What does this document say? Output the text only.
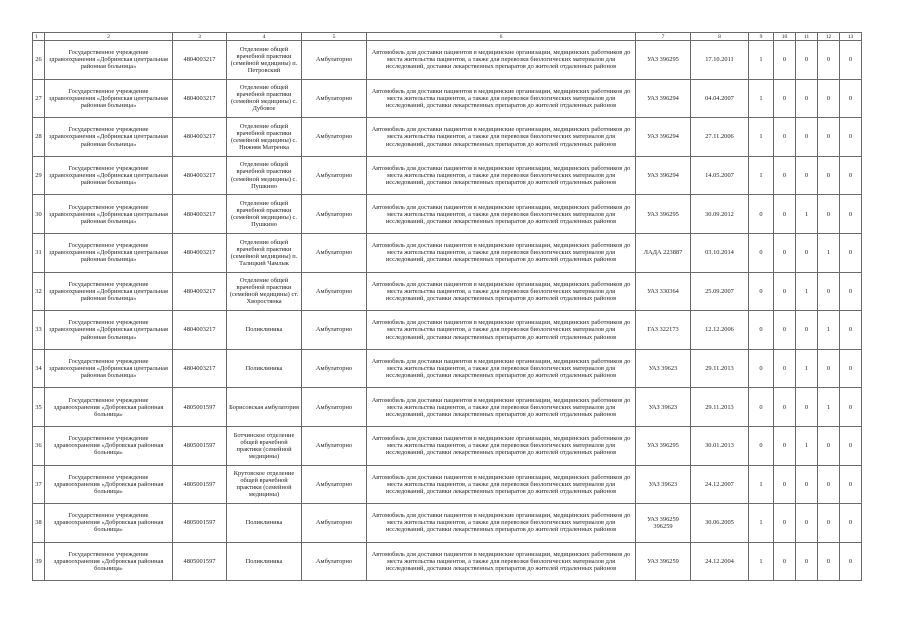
1	2	3	4	5	6	7	8	9	10	11	12	13
26	Государственное учреждение здравоохранения «Добринская центральная районная больница»	4804003217	Отделение общей врачебной практики (семейной медицины) п. Петровский	Амбулаторно	Автомобиль для доставки пациентов в медицинские организации, медицинских работников до места жительства пациентов, а также для перевозки биологических материалов для исследований, доставки лекарственных препаратов до жителей отдаленных районов	УАЗ 396295	17.10.2011	1	0	0	0	0
27	Государственное учреждение здравоохранения «Добринская центральная районная больница»	4804003217	Отделение общей врачебной практики (семейной медицины) с. Дубовое	Амбулаторно	Автомобиль для доставки пациентов в медицинские организации, медицинских работников до места жительства пациентов, а также для перевозки биологических материалов для исследований, доставки лекарственных препаратов до жителей отдаленных районов	УАЗ 396294	04.04.2007	1	0	0	0	0
28	Государственное учреждение здравоохранения «Добринская центральная районная больница»	4804003217	Отделение общей врачебной практики (семейной медицины) с. Нижняя Матренка	Амбулаторно	Автомобиль для доставки пациентов в медицинские организации, медицинских работников до места жительства пациентов, а также для перевозки биологических материалов для исследований, доставки лекарственных препаратов до жителей отдаленных районов	УАЗ 396294	27.11.2006	1	0	0	0	0
29	Государственное учреждение здравоохранения «Добринская центральная районная больница»	4804003217	Отделение общей врачебной практики (семейной медицины) с. Пушкино	Амбулаторно	Автомобиль для доставки пациентов в медицинские организации, медицинских работников до места жительства пациентов, а также для перевозки биологических материалов для исследований, доставки лекарственных препаратов до жителей отдаленных районов	УАЗ 396294	14.05.2007	1	0	0	0	0
30	Государственное учреждение здравоохранения «Добринская центральная районная больница»	4804003217	Отделение общей врачебной практики (семейной медицины) с. Пушкино	Амбулаторно	Автомобиль для доставки пациентов в медицинские организации, медицинских работников до места жительства пациентов, а также для перевозки биологических материалов для исследований, доставки лекарственных препаратов до жителей отдаленных районов	УАЗ 396295	30.09.2012	0	0	1	0	0
31	Государственное учреждение здравоохранения «Добринская центральная районная больница»	4804003217	Отделение общей врачебной практики (семейной медицины) п. Талицкий Чамлык	Амбулаторно	Автомобиль для доставки пациентов в медицинские организации, медицинских работников до места жительства пациентов, а также для перевозки биологических материалов для исследований, доставки лекарственных препаратов до жителей отдаленных районов	ЛАДА 223887	03.10.2014	0	0	0	1	0
32	Государственное учреждение здравоохранения «Добринская центральная районная больница»	4804003217	Отделение общей врачебной практики (семейной медицины) ст. Хворостянка	Амбулаторно	Автомобиль для доставки пациентов в медицинские организации, медицинских работников до места жительства пациентов, а также для перевозки биологических материалов для исследований, доставки лекарственных препаратов до жителей отдаленных районов	УАЗ 330364	25.09.2007	0	0	1	0	0
33	Государственное учреждение здравоохранения «Добринская центральная районная больница»	4804003217	Поликлиника	Амбулаторно	Автомобиль для доставки пациентов в медицинские организации, медицинских работников до места жительства пациентов, а также для перевозки биологических материалов для исследований, доставки лекарственных препаратов до жителей отдаленных районов	ГАЗ 322173	12.12.2006	0	0	0	1	0
34	Государственное учреждение здравоохранения «Добринская центральная районная больница»	4804003217	Поликлиника	Амбулаторно	Автомобиль для доставки пациентов в медицинские организации, медицинских работников до места жительства пациентов, а также для перевозки биологических материалов для исследований, доставки лекарственных препаратов до жителей отдаленных районов	УАЗ 39623	29.11.2013	0	0	1	0	0
35	Государственное учреждение здравоохранения «Добровская районная больница»	4805001597	Борисовская амбулатория	Амбулаторно	Автомобиль для доставки пациентов в медицинские организации, медицинских работников до места жительства пациентов, а также для перевозки биологических материалов для исследований, доставки лекарственных препаратов до жителей отдаленных районов	УАЗ 39623	29.11.2013	0	0	0	1	0
36	Государственное учреждение здравоохранения «Добровская районная больница»	4805001597	Ботчинское отделение общей врачебной практики (семейной медицины)	Амбулаторно	Автомобиль для доставки пациентов в медицинские организации, медицинских работников до места жительства пациентов, а также для перевозки биологических материалов для исследований, доставки лекарственных препаратов до жителей отдаленных районов	УАЗ 396295	30.01.2013	0	0	1	0	0
37	Государственное учреждение здравоохранения «Добровская районная больница»	4805001597	Крутовское отделение общей врачебной практики (семейной медицины)	Амбулаторно	Автомобиль для доставки пациентов в медицинские организации, медицинских работников до места жительства пациентов, а также для перевозки биологических материалов для исследований, доставки лекарственных препаратов до жителей отдаленных районов	УАЗ 39623	24.12.2007	1	0	0	0	0
38	Государственное учреждение здравоохранения «Добровская районная больница»	4805001597	Поликлиника	Амбулаторно	Автомобиль для доставки пациентов в медицинские организации, медицинских работников до места жительства пациентов, а также для перевозки биологических материалов для исследований, доставки лекарственных препаратов до жителей отдаленных районов	УАЗ 396259 396259	30.06.2005	1	0	0	0	0
39	Государственное учреждение здравоохранения «Добровская районная больница»	4805001597	Поликлиника	Амбулаторно	Автомобиль для доставки пациентов в медицинские организации, медицинских работников до места жительства пациентов, а также для перевозки биологических материалов для исследований, доставки лекарственных препаратов до жителей отдаленных районов	УАЗ 396259	24.12.2004	1	0	0	0	0
